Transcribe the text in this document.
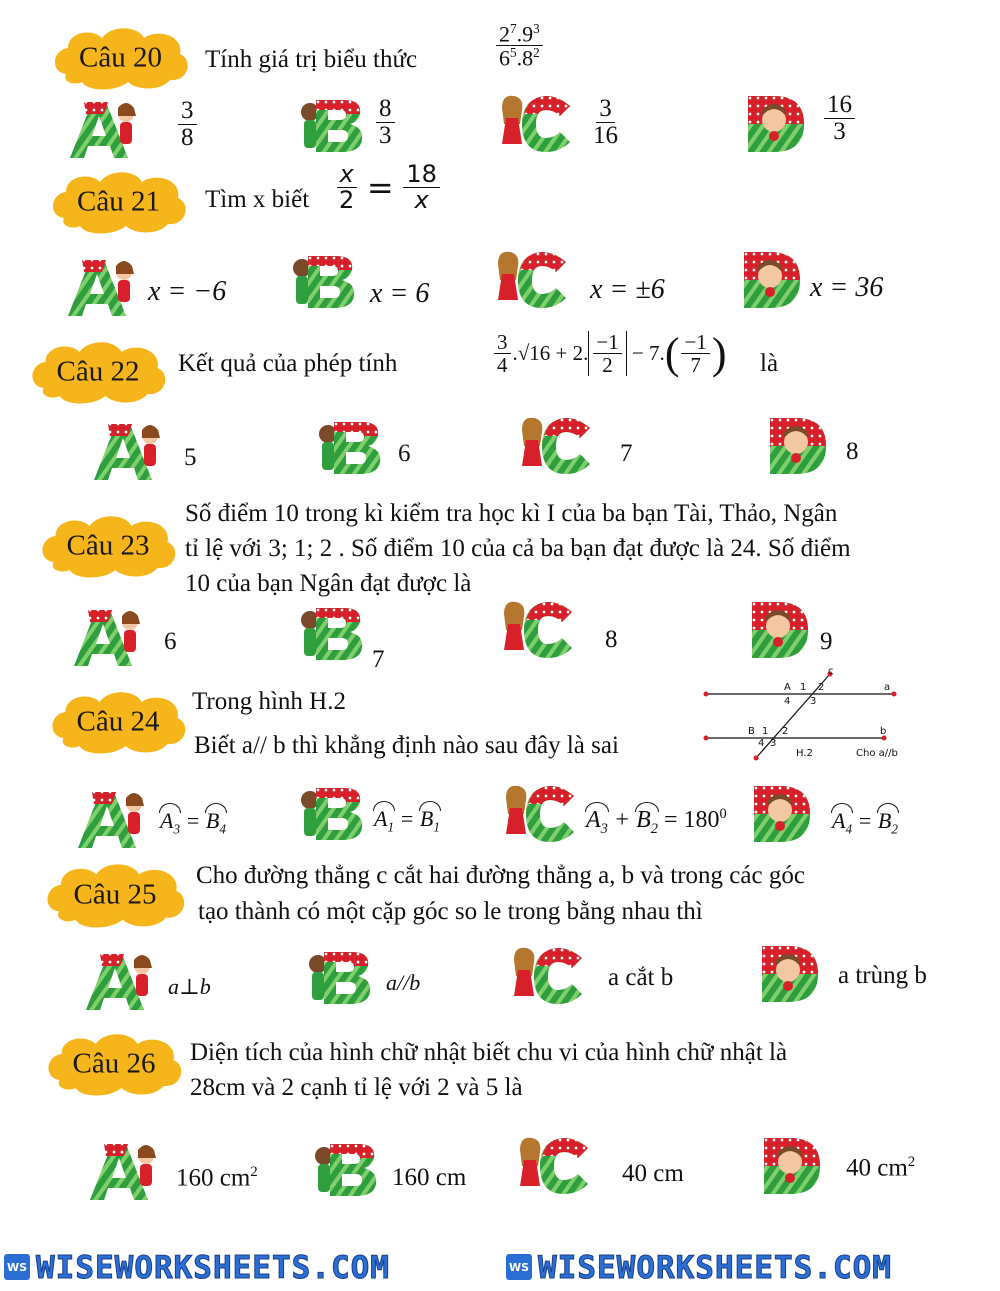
Câu 20	Tính giá trị biểu thức	$\frac{2^7.9^3}{6^5.8^2}$
$\frac{3}{8}$	$\frac{8}{3}$	$\frac{3}{16}$	$\frac{16}{3}$
Câu 21	Tìm x biết $\frac{x}{2} = \frac{18}{x}$
x = −6	x = 6	x = ±6	x = 36
Câu 22	Kết quả của phép tính	$\frac{3}{4} .√16 + 2$. $\frac{-1}{2} - 7.( \frac{-1}{7}$ ) là
5	6	7	8
Câu 23
Số điểm 10 trong kì kiểm tra học kì I của ba bạn Tài, Thảo, Ngân
tỉ lệ với 3; 1; 2 . Số điểm 10 của cả ba bạn đạt được là 24. Số điểm
10 của bạn Ngân đạt được là
6
7
8	9
Câu 24
Trong hình H.2
Biết a// b thì khẳng định nào sau đây là sai
c
a
b
A 1 2
4 3
B 1 2
4 3
H.2	Cho a//b
$A_3 = B_4$	$A_1 = B_1$	$A_3 + B_2 = 180^0$	$A_4 = B_2$
Câu 25
Cho đường thẳng c cắt hai đường thẳng a, b và trong các góc
tạo thành có một cặp góc so le trong bằng nhau thì
a⊥b	a//b	a cắt b	a trùng b
Câu 26	Diện tích của hình chữ nhật biết chu vi của hình chữ nhật là
28cm và 2 cạnh tỉ lệ với 2 và 5 là
160 $cm^2$	160 cm	40 cm	40 $cm^2$
WS WISEWORKSHEETS.COM	WS WISEWORKSHEETS.COM
